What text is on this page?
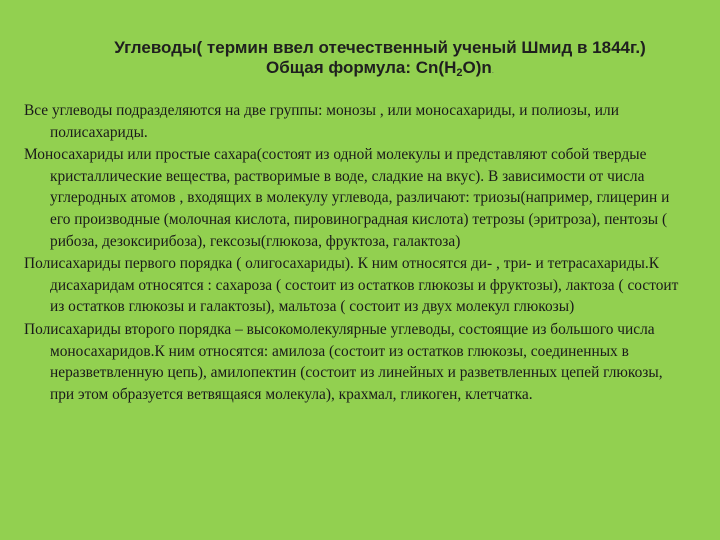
Углеводы( термин ввел отечественный ученый Шмид в 1844г.)
Общая формула: $Cn(H_2O)n$.

Все углеводы подразделяются на две группы: монозы , или моносахариды, и полиозы, или полисахариды.

Моносахариды или простые сахара(состоят из одной молекулы и представляют собой твердые кристаллические вещества, растворимые в воде, сладкие на вкус). В зависимости от числа углеродных атомов , входящих в молекулу углевода, различают: триозы(например, глицерин и его производные (молочная кислота, пировиноградная кислота) тетрозы (эритроза), пентозы ( рибоза, дезоксирибоза), гексозы(глюкоза, фруктоза, галактоза)

Полисахариды первого порядка ( олигосахариды). К ним относятся ди- , три- и тетрасахариды.К дисахаридам относятся : сахароза ( состоит из остатков глюкозы и фруктозы), лактоза ( состоит из остатков глюкозы и галактозы), мальтоза ( состоит из двух молекул глюкозы)

Полисахариды второго порядка – высокомолекулярные углеводы, состоящие из большого числа моносахаридов.К ним относятся: амилоза (состоит из остатков глюкозы, соединенных в неразветвленную цепь), амилопектин (состоит из линейных и разветвленных цепей глюкозы, при этом образуется ветвящаяся молекула), крахмал, гликоген, клетчатка.
